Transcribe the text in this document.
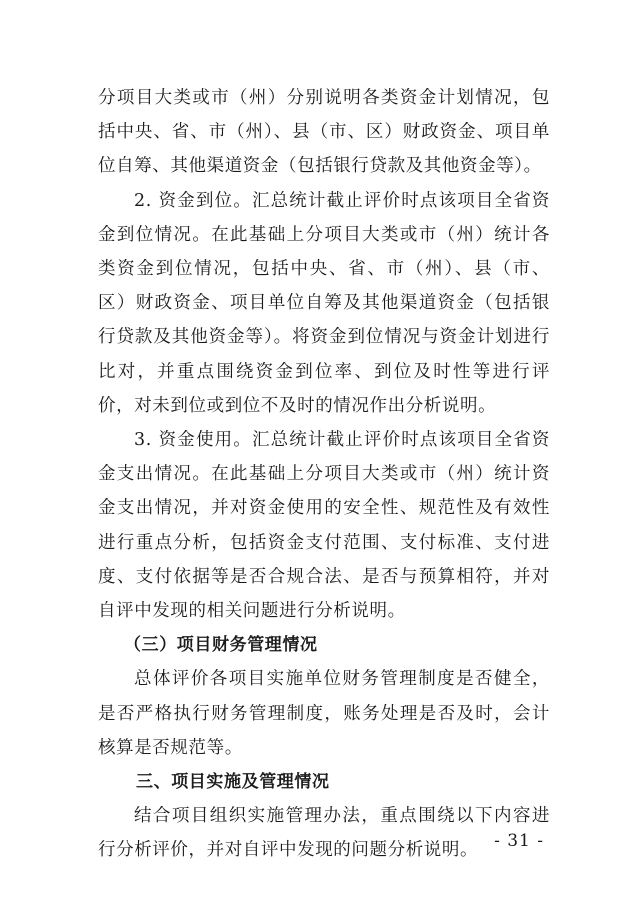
分项目大类或市（州）分别说明各类资金计划情况，包括中央、省、市（州）、县（市、区）财政资金、项目单位自筹、其他渠道资金（包括银行贷款及其他资金等）。

2. 资金到位。汇总统计截止评价时点该项目全省资金到位情况。在此基础上分项目大类或市（州）统计各类资金到位情况，包括中央、省、市（州）、县（市、区）财政资金、项目单位自筹及其他渠道资金（包括银行贷款及其他资金等）。将资金到位情况与资金计划进行比对，并重点围绕资金到位率、到位及时性等进行评价，对未到位或到位不及时的情况作出分析说明。

3. 资金使用。汇总统计截止评价时点该项目全省资金支出情况。在此基础上分项目大类或市（州）统计资金支出情况，并对资金使用的安全性、规范性及有效性进行重点分析，包括资金支付范围、支付标准、支付进度、支付依据等是否合规合法、是否与预算相符，并对自评中发现的相关问题进行分析说明。

（三）项目财务管理情况

总体评价各项目实施单位财务管理制度是否健全，是否严格执行财务管理制度，账务处理是否及时，会计核算是否规范等。

三、项目实施及管理情况

结合项目组织实施管理办法，重点围绕以下内容进行分析评价，并对自评中发现的问题分析说明。 - 31 -
